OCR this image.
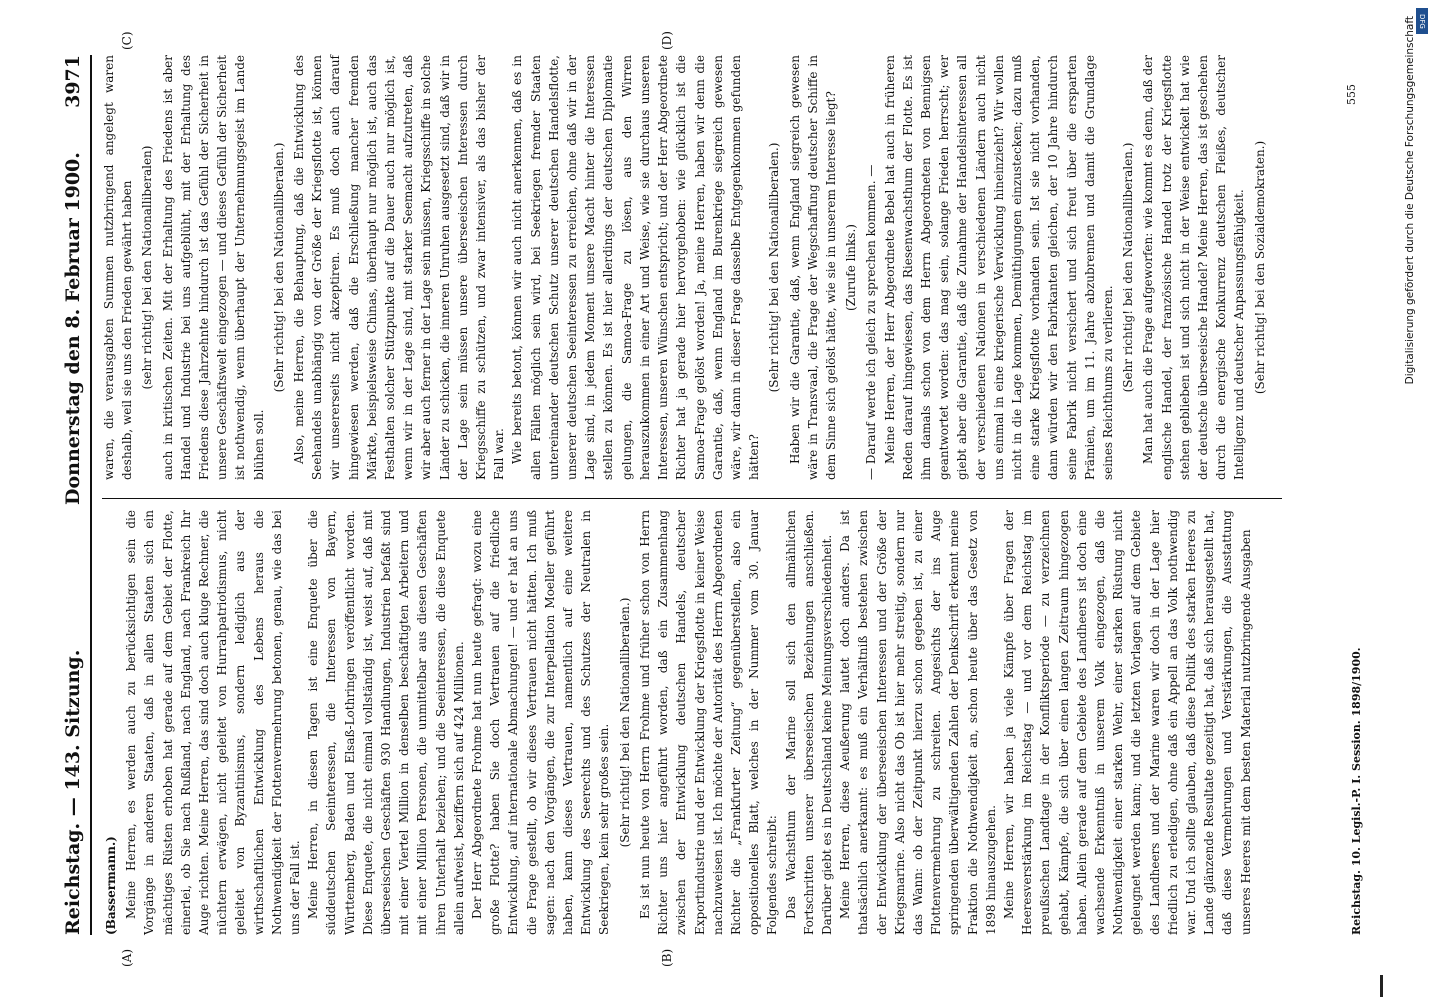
Reichstag. — 143. Sitzung.
Donnerstag den 8. Februar 1900.
3971
(A)	(B)
(C)	(D)

(Bassermann.) Meine Herren, es werden auch zu berücksichtigen sein die Vorgänge in anderen Staaten, daß in allen Staaten sich ein mächtiges Rüsten erhoben hat gerade auf dem Gebiet der Flotte, einerlei, ob Sie nach Rußland, nach England, nach Frankreich Ihr Auge richten. Meine Herren, das sind doch auch kluge Rechner, die nüchtern erwägen, nicht geleitet von Hurrahpatriotismus, nicht geleitet von Byzantinismus, sondern lediglich aus der wirthschaftlichen Entwicklung des Lebens heraus die Nothwendigkeit der Flottenvermehrung betonen, genau, wie das bei uns der Fall ist. Meine Herren, in diesen Tagen ist eine Enquete über die süddeutschen Seeinteressen, die Interessen von Bayern, Württemberg, Baden und Elsaß-Lothringen veröffentlicht worden. Diese Enquete, die nicht einmal vollständig ist, weist auf, daß mit überseeischen Geschäften 930 Handlungen, Industrien befaßt sind mit einer Viertel Million in denselben beschäftigten Arbeitern und mit einer Million Personen, die unmittelbar aus diesen Geschäften ihren Unterhalt beziehen; und die Seeinteressen, die diese Enquete allein aufweist, beziffern sich auf 424 Millionen. Der Herr Abgeordnete Frohme hat nun heute gefragt: wozu eine große Flotte? haben Sie doch Vertrauen auf die friedliche Entwicklung, auf internationale Abmachungen! — und er hat an uns die Frage gestellt, ob wir dieses Vertrauen nicht hätten. Ich muß sagen: nach den Vorgängen, die zur Interpellation Moeller geführt haben, kann dieses Vertrauen, namentlich auf eine weitere Entwicklung des Seerechts und des Schutzes der Neutralen in Seekriegen, kein sehr großes sein. (Sehr richtig! bei den Nationalliberalen.) Es ist nun heute von Herrn Frohme und früher schon von Herrn Richter uns hier angeführt worden, daß ein Zusammenhang zwischen der Entwicklung deutschen Handels, deutscher Exportindustrie und der Entwicklung der Kriegsflotte in keiner Weise nachzuweisen ist. Ich möchte der Autorität des Herrn Abgeordneten Richter die „Frankfurter Zeitung“ gegenüberstellen, also ein oppositionelles Blatt, welches in der Nummer vom 30. Januar Folgendes schreibt: Das Wachsthum der Marine soll sich den allmählichen Fortschritten unserer überseeischen Beziehungen anschließen. Darüber giebt es in Deutschland keine Meinungsverschiedenheit. Meine Herren, diese Aeußerung lautet doch anders. Da ist thatsächlich anerkannt: es muß ein Verhältniß bestehen zwischen der Entwicklung der überseeischen Interessen und der Größe der Kriegsmarine. Also nicht das Ob ist hier mehr streitig, sondern nur das Wann: ob der Zeitpunkt hierzu schon gegeben ist, zu einer Flottenvermehrung zu schreiten. Angesichts der ins Auge springenden überwältigenden Zahlen der Denkschrift erkennt meine Fraktion die Nothwendigkeit an, schon heute über das Gesetz von 1898 hinauszugehen. Meine Herren, wir haben ja viele Kämpfe über Fragen der Heeresverstärkung im Reichstag — und vor dem Reichstag im preußischen Landtage in der Konfliktsperiode — zu verzeichnen gehabt, Kämpfe, die sich über einen langen Zeitraum hingezogen haben. Allein gerade auf dem Gebiete des Landheers ist doch eine wachsende Erkenntniß in unserem Volk eingezogen, daß die Nothwendigkeit einer starken Wehr, einer starken Rüstung nicht geleugnet werden kann; und die letzten Vorlagen auf dem Gebiete des Landheers und der Marine waren wir doch in der Lage hier friedlich zu erledigen, ohne daß ein Appell an das Volk nothwendig war. Und ich sollte glauben, daß diese Politik des starken Heeres zu Lande glänzende Resultate gezeitigt hat, daß sich herausgestellt hat, daß diese Vermehrungen und Verstärkungen, die Ausstattung unseres Heeres mit dem besten Material nutzbringende Ausgaben

waren, die verausgabten Summen nutzbringend angelegt waren deshalb, weil sie uns den Frieden gewährt haben (sehr richtig! bei den Nationalliberalen) auch in kritischen Zeiten. Mit der Erhaltung des Friedens ist aber Handel und Industrie bei uns aufgeblüht, mit der Erhaltung des Friedens diese Jahrzehnte hindurch ist das Gefühl der Sicherheit in unsere Geschäftswelt eingezogen — und dieses Gefühl der Sicherheit ist nothwendig, wenn überhaupt der Unternehmungsgeist im Lande blühen soll.

(Sehr richtig! bei den Nationalliberalen.) Also, meine Herren, die Behauptung, daß die Entwicklung des Seehandels unabhängig von der Größe der Kriegsflotte ist, können wir unsererseits nicht akzeptiren. Es muß doch auch darauf hingewiesen werden, daß die Erschließung mancher fremden Märkte, beispielsweise Chinas, überhaupt nur möglich ist, auch das Festhalten solcher Stützpunkte auf die Dauer auch nur möglich ist, wenn wir in der Lage sind, mit starker Seemacht aufzutreten, daß wir aber auch ferner in der Lage sein müssen, Kriegsschiffe in solche Länder zu schicken, die inneren Unruhen ausgesetzt sind, daß wir in der Lage sein müssen unsere überseeischen Interessen durch Kriegsschiffe zu schützen, und zwar intensiver, als das bisher der Fall war. Wie bereits betont, können wir auch nicht anerkennen, daß es in allen Fällen möglich sein wird, bei Seekriegen fremder Staaten untereinander deutschen Schutz unserer deutschen Handelsflotte, unserer deutschen Seeinteressen zu erreichen, ohne daß wir in der Lage sind, in jedem Moment unsere Macht hinter die Interessen stellen zu können. Es ist hier allerdings der deutschen Diplomatie gelungen, die Samoa-Frage zu lösen, aus den Wirren herauszukommen in einer Art und Weise, wie sie durchaus unseren Interessen, unseren Wünschen entspricht; und der Herr Abgeordnete Richter hat ja gerade hier hervorgehoben: wie glücklich ist die Samoa-Frage gelöst worden! Ja, meine Herren, haben wir denn die Garantie, daß, wenn England im Burenkriege siegreich gewesen wäre, wir dann in dieser Frage dasselbe Entgegenkommen gefunden hätten?

(Sehr richtig! bei den Nationalliberalen.) Haben wir die Garantie, daß, wenn England siegreich gewesen wäre in Transvaal, die Frage der Wegschaffung deutscher Schiffe in dem Sinne sich gelöst hätte, wie sie in unserem Interesse liegt? (Zurufe links.) — Darauf werde ich gleich zu sprechen kommen. — Meine Herren, der Herr Abgeordnete Bebel hat auch in früheren Reden darauf hingewiesen, das Riesenwachsthum der Flotte. Es ist ihm damals schon von dem Herrn Abgeordneten von Bennigsen geantwortet worden: das mag sein, solange Frieden herrscht; wer giebt aber die Garantie, daß die Zunahme der Handelsinteressen all der verschiedenen Nationen in verschiedenen Ländern auch nicht uns einmal in eine kriegerische Verwicklung hineinzieht? Wir wollen nicht in die Lage kommen, Demüthigungen einzustecken; dazu muß eine starke Kriegsflotte vorhanden sein. Ist sie nicht vorhanden, dann würden wir den Fabrikanten gleichen, der 10 Jahre hindurch seine Fabrik nicht versichert und sich freut über die ersparten Prämien, um im 11. Jahre abzubrennen und damit die Grundlage seines Reichthums zu verlieren. (Sehr richtig! bei den Nationalliberalen.) Man hat auch die Frage aufgeworfen: wie kommt es denn, daß der englische Handel, der französische Handel trotz der Kriegsflotte stehen geblieben ist und sich nicht in der Weise entwickelt hat wie der deutsche überseeische Handel? Meine Herren, das ist geschehen durch die energische Konkurrenz deutschen Fleißes, deutscher Intelligenz und deutscher Anpassungsfähigkeit. (Sehr richtig! bei den Sozialdemokraten.)

Reichstag. 10. Legisl.-P. I. Session. 1898/1900.
555	Digitalisierung gefördert durch die Deutsche Forschungsgemeinschaft DFG
